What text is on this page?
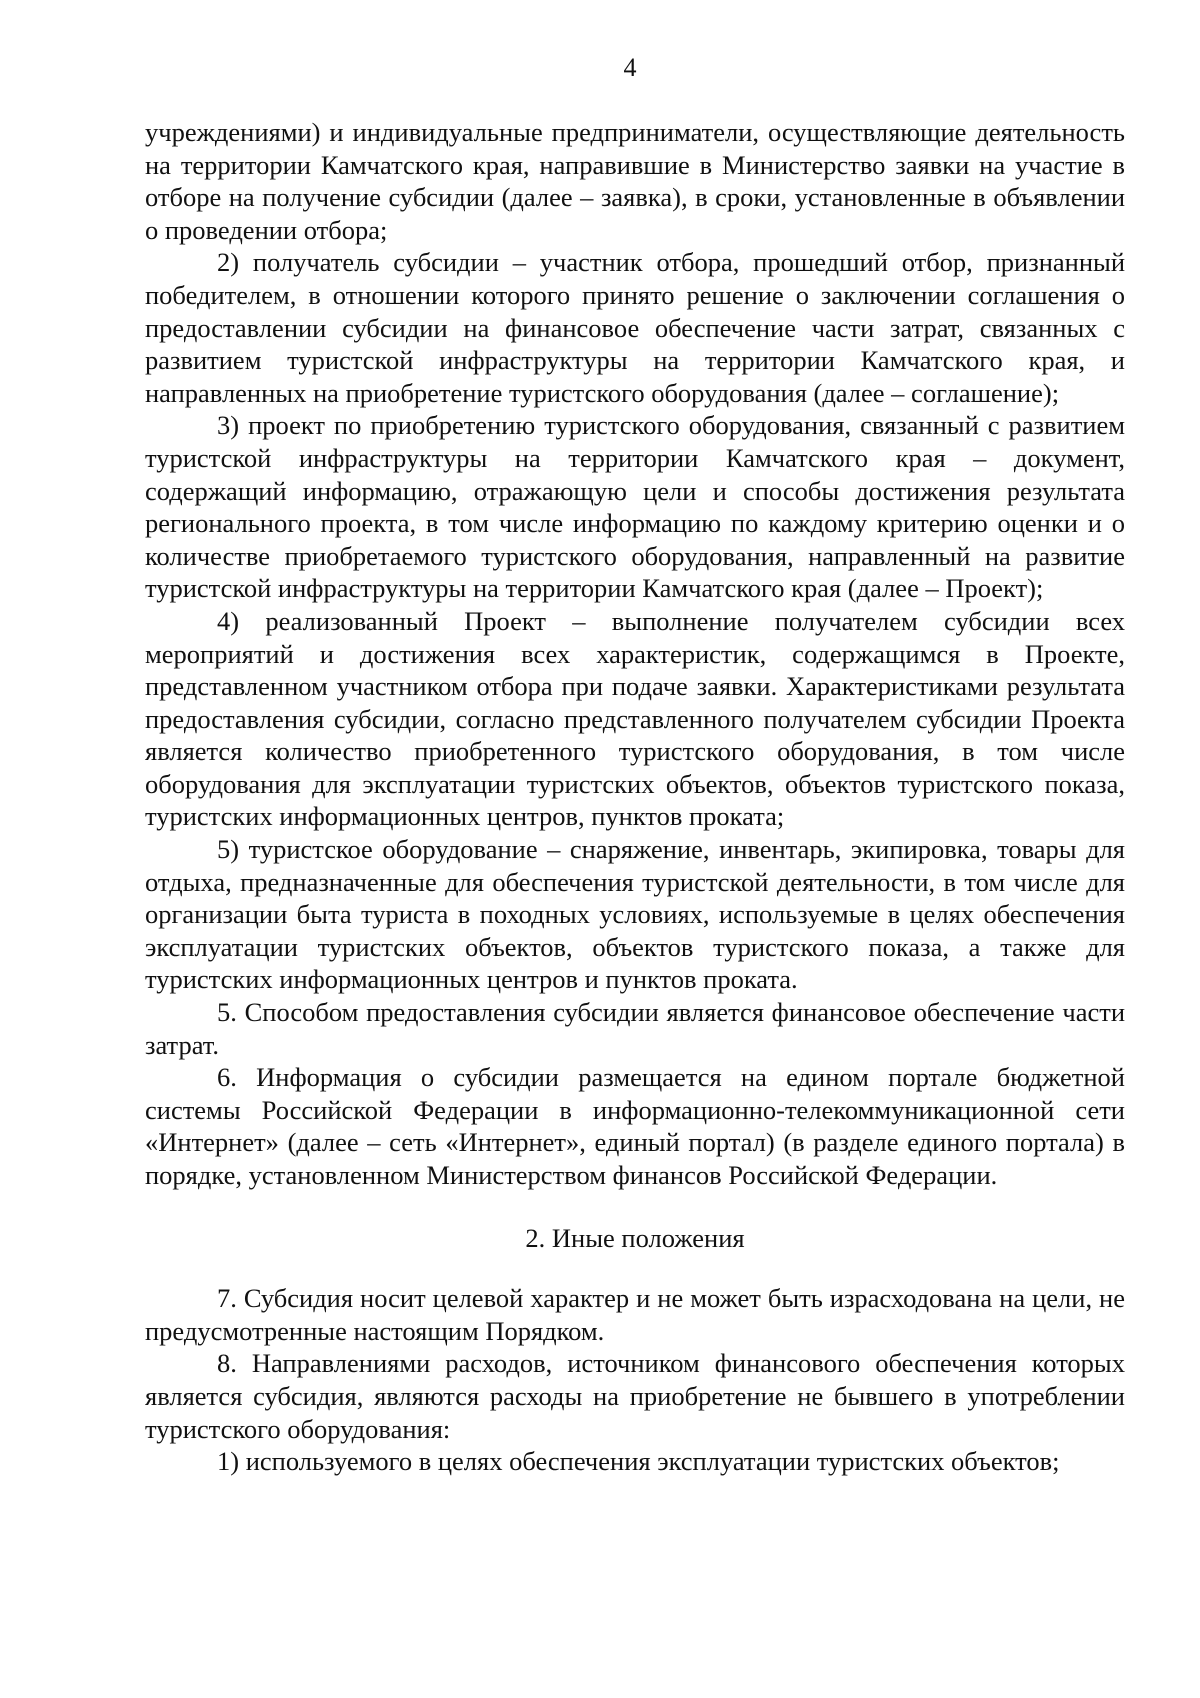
4

учреждениями) и индивидуальные предприниматели, осуществляющие деятельность на территории Камчатского края, направившие в Министерство заявки на участие в отборе на получение субсидии (далее – заявка), в сроки, установленные в объявлении о проведении отбора;

2) получатель субсидии – участник отбора, прошедший отбор, признанный победителем, в отношении которого принято решение о заключении соглашения о предоставлении субсидии на финансовое обеспечение части затрат, связанных с развитием туристской инфраструктуры на территории Камчатского края, и направленных на приобретение туристского оборудования (далее – соглашение);

3) проект по приобретению туристского оборудования, связанный с развитием туристской инфраструктуры на территории Камчатского края – документ, содержащий информацию, отражающую цели и способы достижения результата регионального проекта, в том числе информацию по каждому критерию оценки и о количестве приобретаемого туристского оборудования, направленный на развитие туристской инфраструктуры на территории Камчатского края (далее – Проект);

4) реализованный Проект – выполнение получателем субсидии всех мероприятий и достижения всех характеристик, содержащимся в Проекте, представленном участником отбора при подаче заявки. Характеристиками результата предоставления субсидии, согласно представленного получателем субсидии Проекта является количество приобретенного туристского оборудования, в том числе оборудования для эксплуатации туристских объектов, объектов туристского показа, туристских информационных центров, пунктов проката;

5) туристское оборудование – снаряжение, инвентарь, экипировка, товары для отдыха, предназначенные для обеспечения туристской деятельности, в том числе для организации быта туриста в походных условиях, используемые в целях обеспечения эксплуатации туристских объектов, объектов туристского показа, а также для туристских информационных центров и пунктов проката.

5. Способом предоставления субсидии является финансовое обеспечение части затрат.

6. Информация о субсидии размещается на едином портале бюджетной системы Российской Федерации в информационно-телекоммуникационной сети «Интернет» (далее – сеть «Интернет», единый портал) (в разделе единого портала) в порядке, установленном Министерством финансов Российской Федерации.

2. Иные положения

7. Субсидия носит целевой характер и не может быть израсходована на цели, не предусмотренные настоящим Порядком.

8. Направлениями расходов, источником финансового обеспечения которых является субсидия, являются расходы на приобретение не бывшего в употреблении туристского оборудования:

1) используемого в целях обеспечения эксплуатации туристских объектов;
